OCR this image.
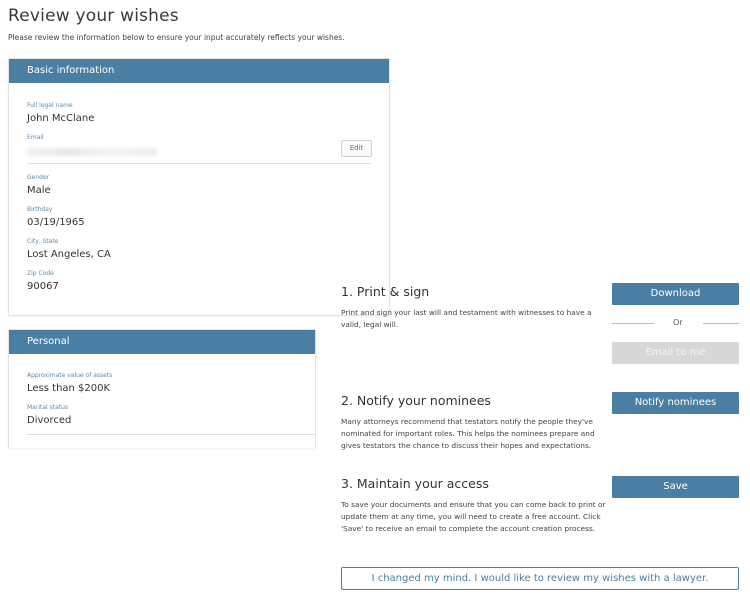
Review your wishes
Please review the information below to ensure your input accurately reflects your wishes.
Basic information
Full legal name
John McClane
Email
Edit
Gender
Male
Birthday
03/19/1965
City, State
Lost Angeles, CA
Zip Code
90067
Personal
Approximate value of assets
Less than $200K
Marital status
Divorced
1. Print & sign
Print and sign your last will and testament with witnesses to have a valid, legal will.
Download
Or
Email to me
2. Notify your nominees
Many attorneys recommend that testators notify the people they've nominated for important roles. This helps the nominees prepare and gives testators the chance to discuss their hopes and expectations.
Notify nominees
3. Maintain your access
To save your documents and ensure that you can come back to print or update them at any time, you will need to create a free account. Click 'Save' to receive an email to complete the account creation process.
Save
I changed my mind. I would like to review my wishes with a lawyer.
